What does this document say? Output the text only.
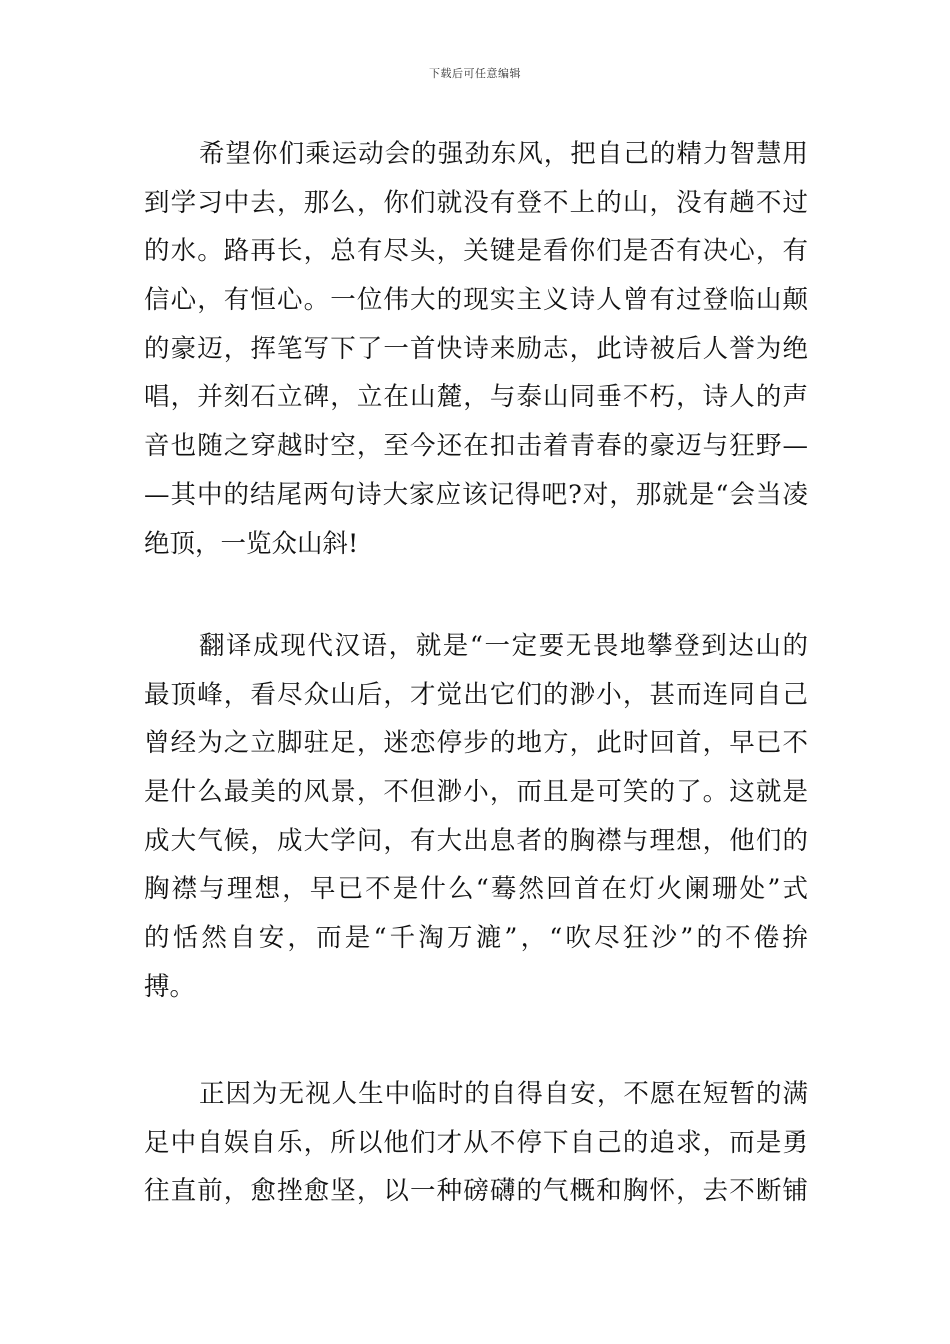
下载后可任意编辑
希望你们乘运动会的强劲东风，把自己的精力智慧用
到学习中去，那么，你们就没有登不上的山，没有趟不过
的水。路再长，总有尽头，关键是看你们是否有决心，有
信心，有恒心。一位伟大的现实主义诗人曾有过登临山颠
的豪迈，挥笔写下了一首快诗来励志，此诗被后人誉为绝
唱，并刻石立碑，立在山麓，与泰山同垂不朽，诗人的声
音也随之穿越时空，至今还在扣击着青春的豪迈与狂野—
—其中的结尾两句诗大家应该记得吧?对，那就是“会当凌
绝顶，一览众山斜!
翻译成现代汉语，就是“一定要无畏地攀登到达山的
最顶峰，看尽众山后，才觉出它们的渺小，甚而连同自己
曾经为之立脚驻足，迷恋停步的地方，此时回首，早已不
是什么最美的风景，不但渺小，而且是可笑的了。这就是
成大气候，成大学问，有大出息者的胸襟与理想，他们的
胸襟与理想，早已不是什么“蓦然回首在灯火阑珊处”式
的恬然自安，而是“千淘万漉”，“吹尽狂沙”的不倦拚
搏。
正因为无视人生中临时的自得自安，不愿在短暂的满
足中自娱自乐，所以他们才从不停下自己的追求，而是勇
往直前，愈挫愈坚，以一种磅礴的气概和胸怀，去不断铺
